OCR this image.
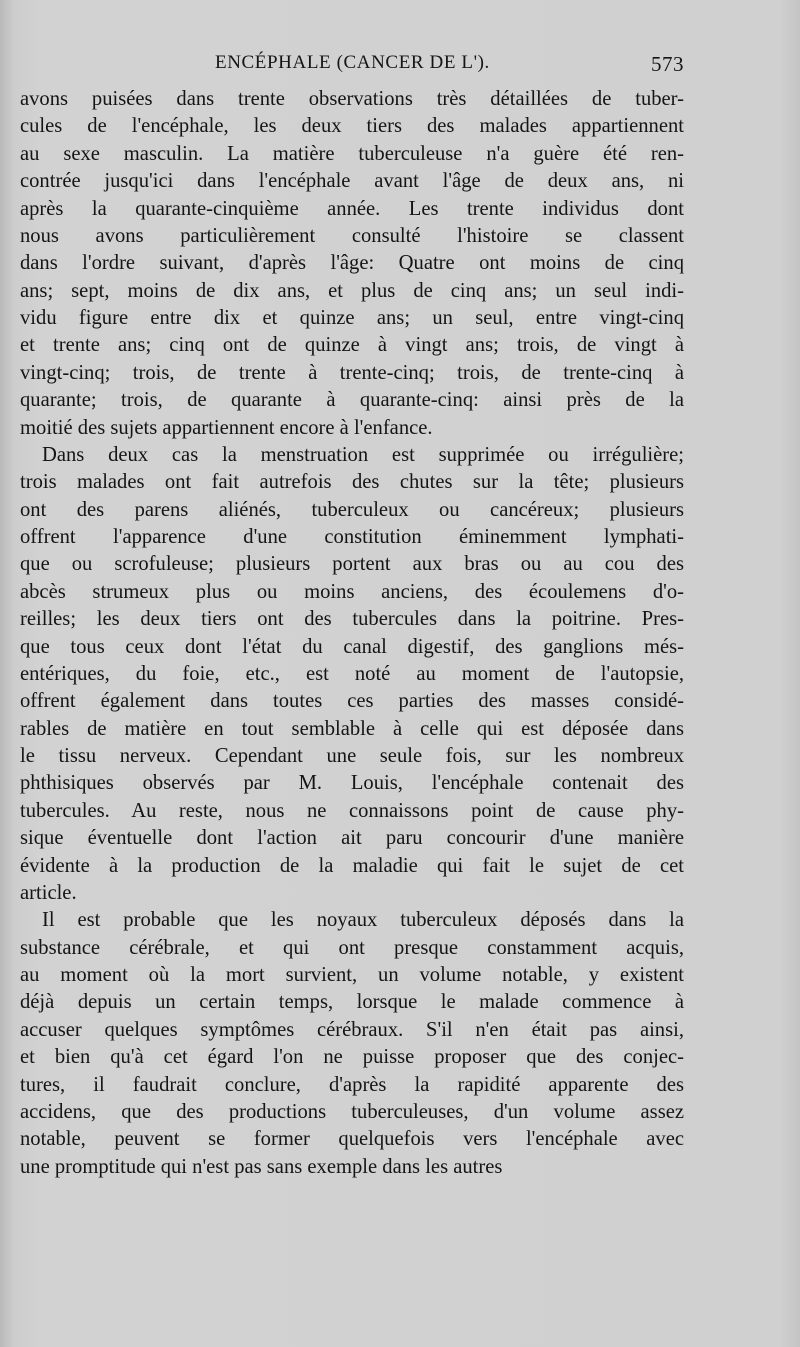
ENCÉPHALE (CANCER DE L').	573
avons puisées dans trente observations très détaillées de tuber-
cules de l'encéphale, les deux tiers des malades appartiennent
au sexe masculin. La matière tuberculeuse n'a guère été ren-
contrée jusqu'ici dans l'encéphale avant l'âge de deux ans, ni
après la quarante-cinquième année. Les trente individus dont
nous avons particulièrement consulté l'histoire se classent
dans l'ordre suivant, d'après l'âge: Quatre ont moins de cinq
ans; sept, moins de dix ans, et plus de cinq ans; un seul indi-
vidu figure entre dix et quinze ans; un seul, entre vingt-cinq
et trente ans; cinq ont de quinze à vingt ans; trois, de vingt à
vingt-cinq; trois, de trente à trente-cinq; trois, de trente-cinq à
quarante; trois, de quarante à quarante-cinq: ainsi près de la
moitié des sujets appartiennent encore à l'enfance.
Dans deux cas la menstruation est supprimée ou irrégulière;
trois malades ont fait autrefois des chutes sur la tête; plusieurs
ont des parens aliénés, tuberculeux ou cancéreux; plusieurs
offrent l'apparence d'une constitution éminemment lymphati-
que ou scrofuleuse; plusieurs portent aux bras ou au cou des
abcès strumeux plus ou moins anciens, des écoulemens d'o-
reilles; les deux tiers ont des tubercules dans la poitrine. Pres-
que tous ceux dont l'état du canal digestif, des ganglions més-
entériques, du foie, etc., est noté au moment de l'autopsie,
offrent également dans toutes ces parties des masses considé-
rables de matière en tout semblable à celle qui est déposée dans
le tissu nerveux. Cependant une seule fois, sur les nombreux
phthisiques observés par M. Louis, l'encéphale contenait des
tubercules. Au reste, nous ne connaissons point de cause phy-
sique éventuelle dont l'action ait paru concourir d'une manière
évidente à la production de la maladie qui fait le sujet de cet
article.
Il est probable que les noyaux tuberculeux déposés dans la
substance cérébrale, et qui ont presque constamment acquis,
au moment où la mort survient, un volume notable, y existent
déjà depuis un certain temps, lorsque le malade commence à
accuser quelques symptômes cérébraux. S'il n'en était pas ainsi,
et bien qu'à cet égard l'on ne puisse proposer que des conjec-
tures, il faudrait conclure, d'après la rapidité apparente des
accidens, que des productions tuberculeuses, d'un volume assez
notable, peuvent se former quelquefois vers l'encéphale avec
une promptitude qui n'est pas sans exemple dans les autres
